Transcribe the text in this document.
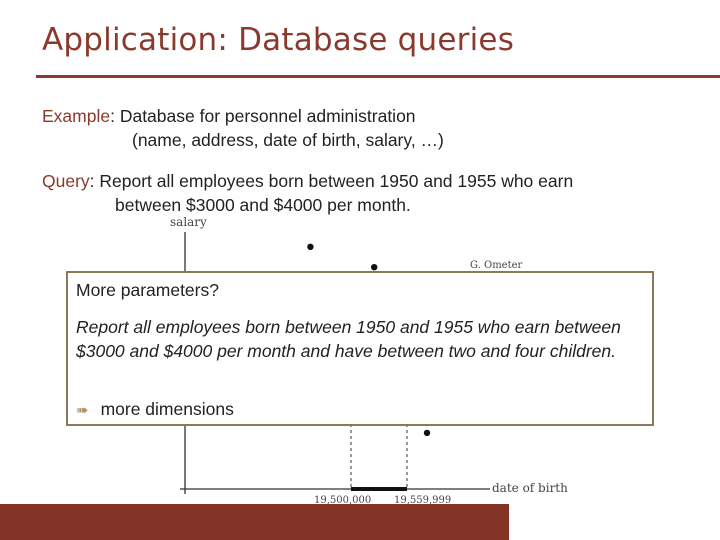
Application: Database queries
Example: Database for personnel administration
(name, address, date of birth, salary, …)
Query: Report all employees born between 1950 and 1955 who earn
between $3000 and $4000 per month.
salary
G. Ometer
date of birth
19,500,000 19,559,999
More parameters?
Report all employees born between 1950 and 1955 who earn between $3000 and $4000 per month and have between two and four children.
➠ more dimensions
